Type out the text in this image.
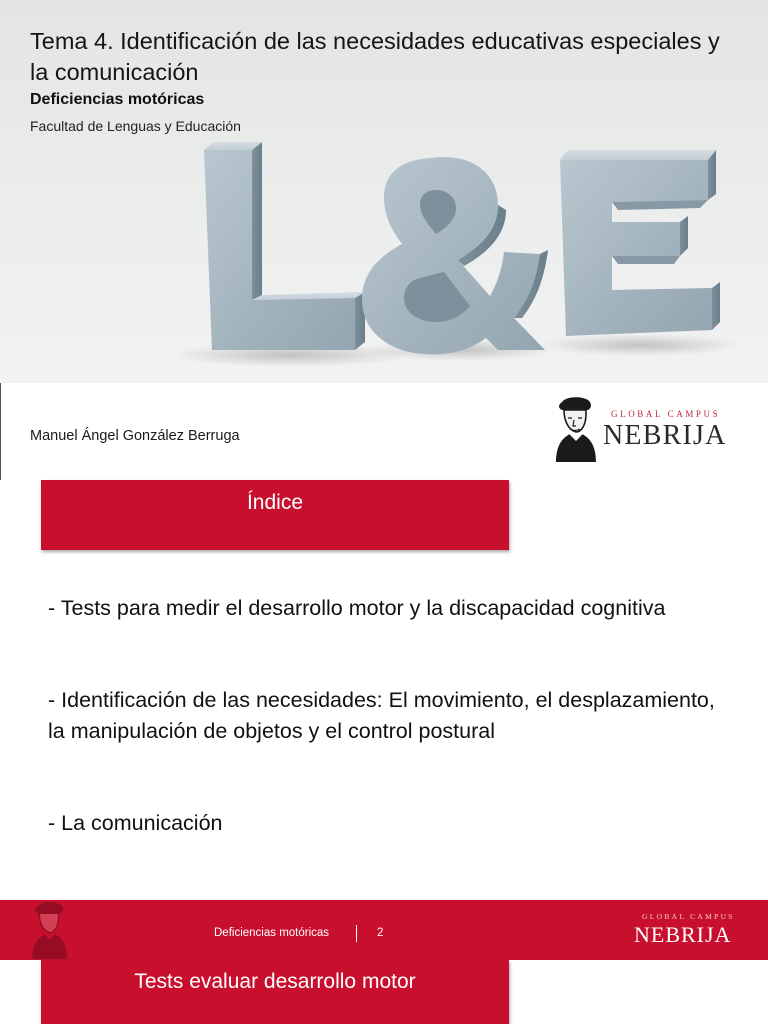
Tema 4. Identificación de las necesidades educativas especiales y la comunicación
Deficiencias motóricas
Facultad de Lenguas y Educación
Manuel Ángel González Berruga
GLOBAL CAMPUS
NEBRIJA
Índice
- Tests para medir el desarrollo motor y la discapacidad cognitiva
- Identificación de las necesidades: El movimiento, el desplazamiento, la manipulación de objetos y el control postural
- La comunicación
Deficiencias motóricas	2
GLOBAL CAMPUS
NEBRIJA
Tests evaluar desarrollo motor
